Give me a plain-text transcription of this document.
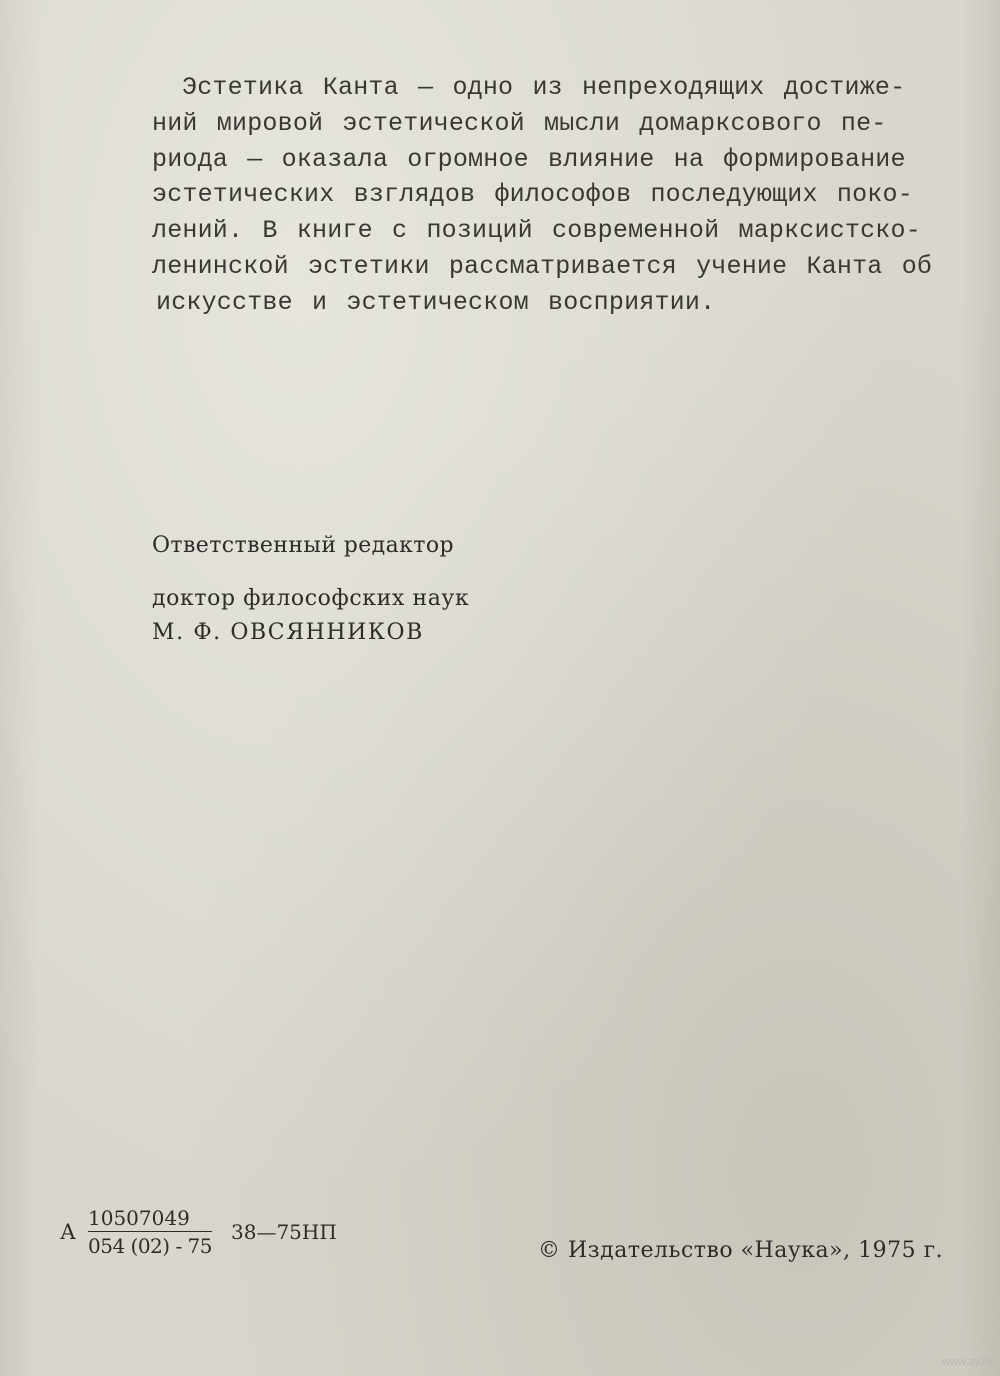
Эстетика Канта — одно из непреходящих достиже-
ний мировой эстетической мысли домарксового пе-
риода — оказала огромное влияние на формирование
эстетических взглядов философов последующих поко-
лений. В книге с позиций современной марксистско-
ленинской эстетики рассматривается учение Канта об
искусстве и эстетическом восприятии.
Ответственный редактор
доктор философских наук
М. Ф. ОВСЯННИКОВ
А $\frac{10507049}{054 (02) - 75}$ 38—75НП
© Издательство «Наука», 1975 г.
www.ay.by
